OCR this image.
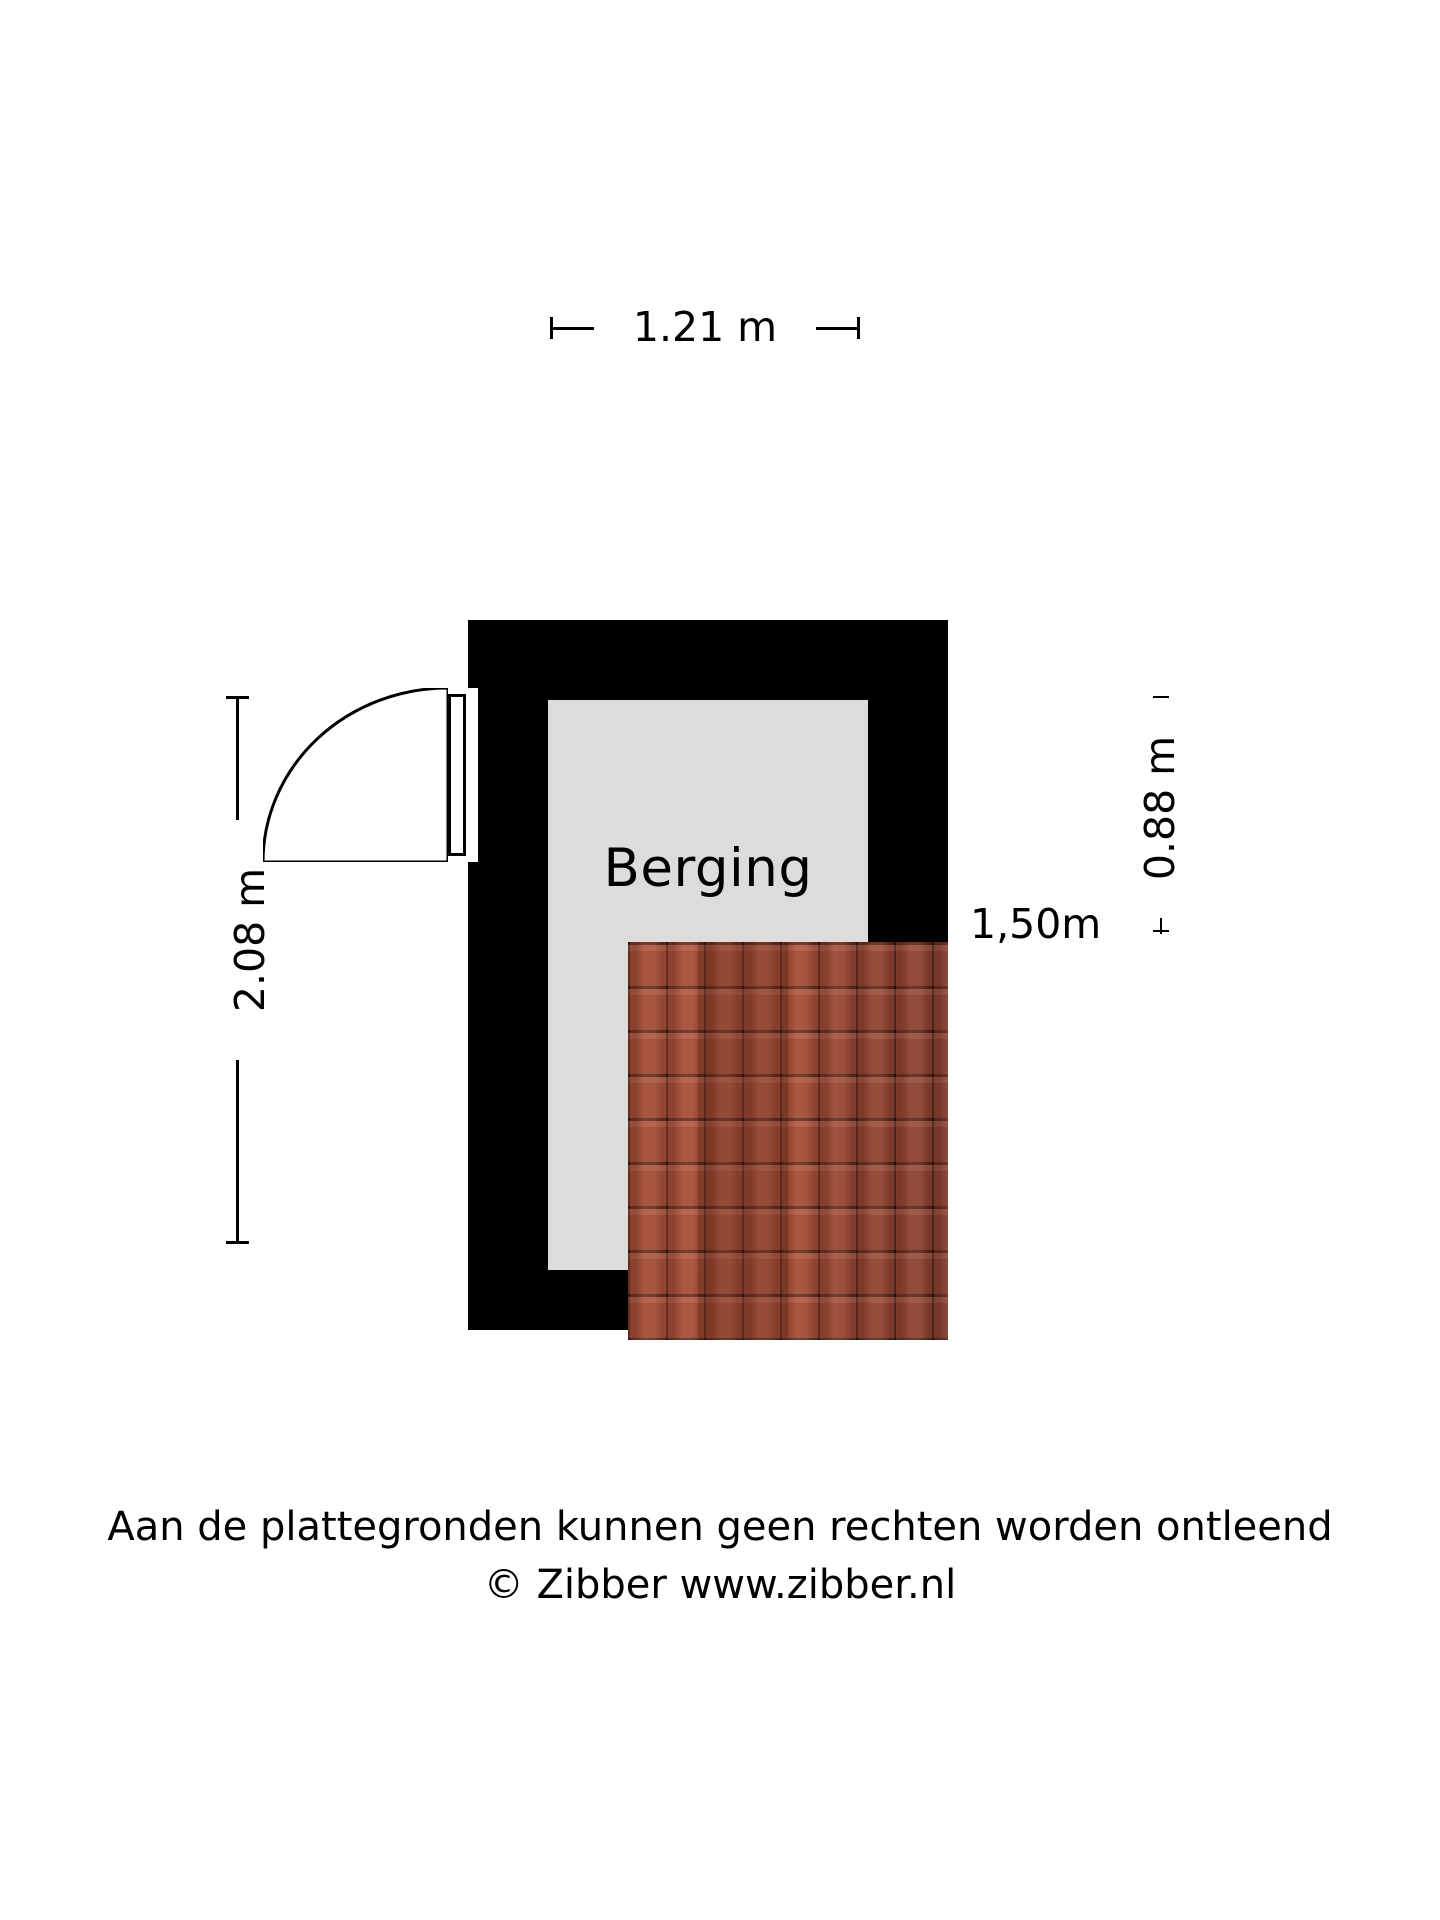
1.21 m
2.08 m
0.88 m
1,50m
Berging
Aan de plattegronden kunnen geen rechten worden ontleend
© Zibber www.zibber.nl
